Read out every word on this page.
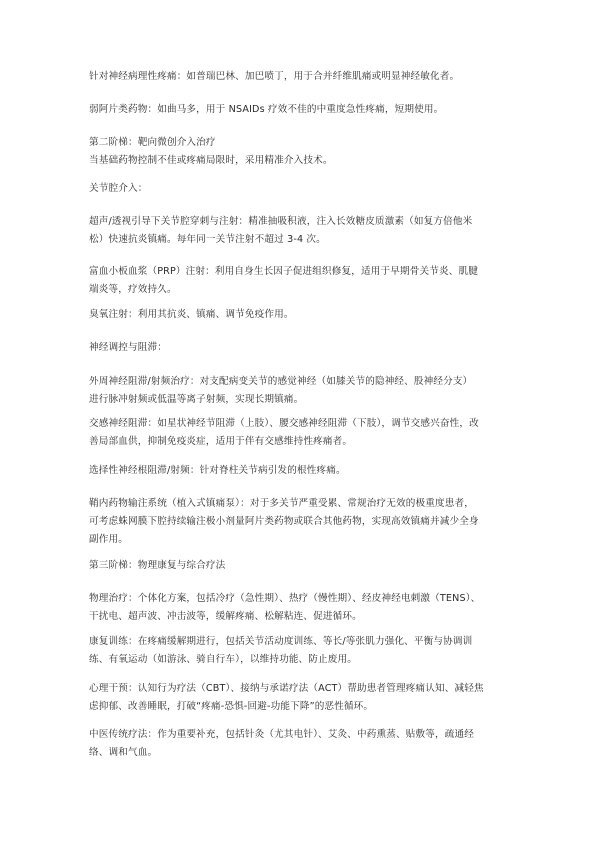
针对神经病理性疼痛：如普瑞巴林、加巴喷丁，用于合并纤维肌痛或明显神经敏化者。
弱阿片类药物：如曲马多，用于 NSAIDs 疗效不佳的中重度急性疼痛，短期使用。
第二阶梯：靶向微创介入治疗
当基础药物控制不佳或疼痛局限时，采用精准介入技术。
关节腔介入：
超声/透视引导下关节腔穿刺与注射：精准抽吸积液，注入长效糖皮质激素（如复方倍他米
松）快速抗炎镇痛。每年同一关节注射不超过 3-4 次。
富血小板血浆（PRP）注射：利用自身生长因子促进组织修复，适用于早期骨关节炎、肌腱
端炎等，疗效持久。
臭氧注射：利用其抗炎、镇痛、调节免疫作用。
神经调控与阻滞：
外周神经阻滞/射频治疗：对支配病变关节的感觉神经（如膝关节的隐神经、股神经分支）
进行脉冲射频或低温等离子射频，实现长期镇痛。
交感神经阻滞：如星状神经节阻滞（上肢）、腰交感神经阻滞（下肢），调节交感兴奋性，改
善局部血供，抑制免疫炎症，适用于伴有交感维持性疼痛者。
选择性神经根阻滞/射频：针对脊柱关节病引发的根性疼痛。
鞘内药物输注系统（植入式镇痛泵）：对于多关节严重受累、常规治疗无效的极重度患者，
可考虑蛛网膜下腔持续输注极小剂量阿片类药物或联合其他药物，实现高效镇痛并减少全身
副作用。
第三阶梯：物理康复与综合疗法
物理治疗：个体化方案，包括冷疗（急性期）、热疗（慢性期）、经皮神经电刺激（TENS）、
干扰电、超声波、冲击波等，缓解疼痛、松解粘连、促进循环。
康复训练：在疼痛缓解期进行，包括关节活动度训练、等长/等张肌力强化、平衡与协调训
练、有氧运动（如游泳、骑自行车），以维持功能、防止废用。
心理干预：认知行为疗法（CBT）、接纳与承诺疗法（ACT）帮助患者管理疼痛认知、减轻焦
虑抑郁、改善睡眠，打破“疼痛-恐惧-回避-功能下降”的恶性循环。
中医传统疗法：作为重要补充，包括针灸（尤其电针）、艾灸、中药熏蒸、贴敷等，疏通经
络、调和气血。
